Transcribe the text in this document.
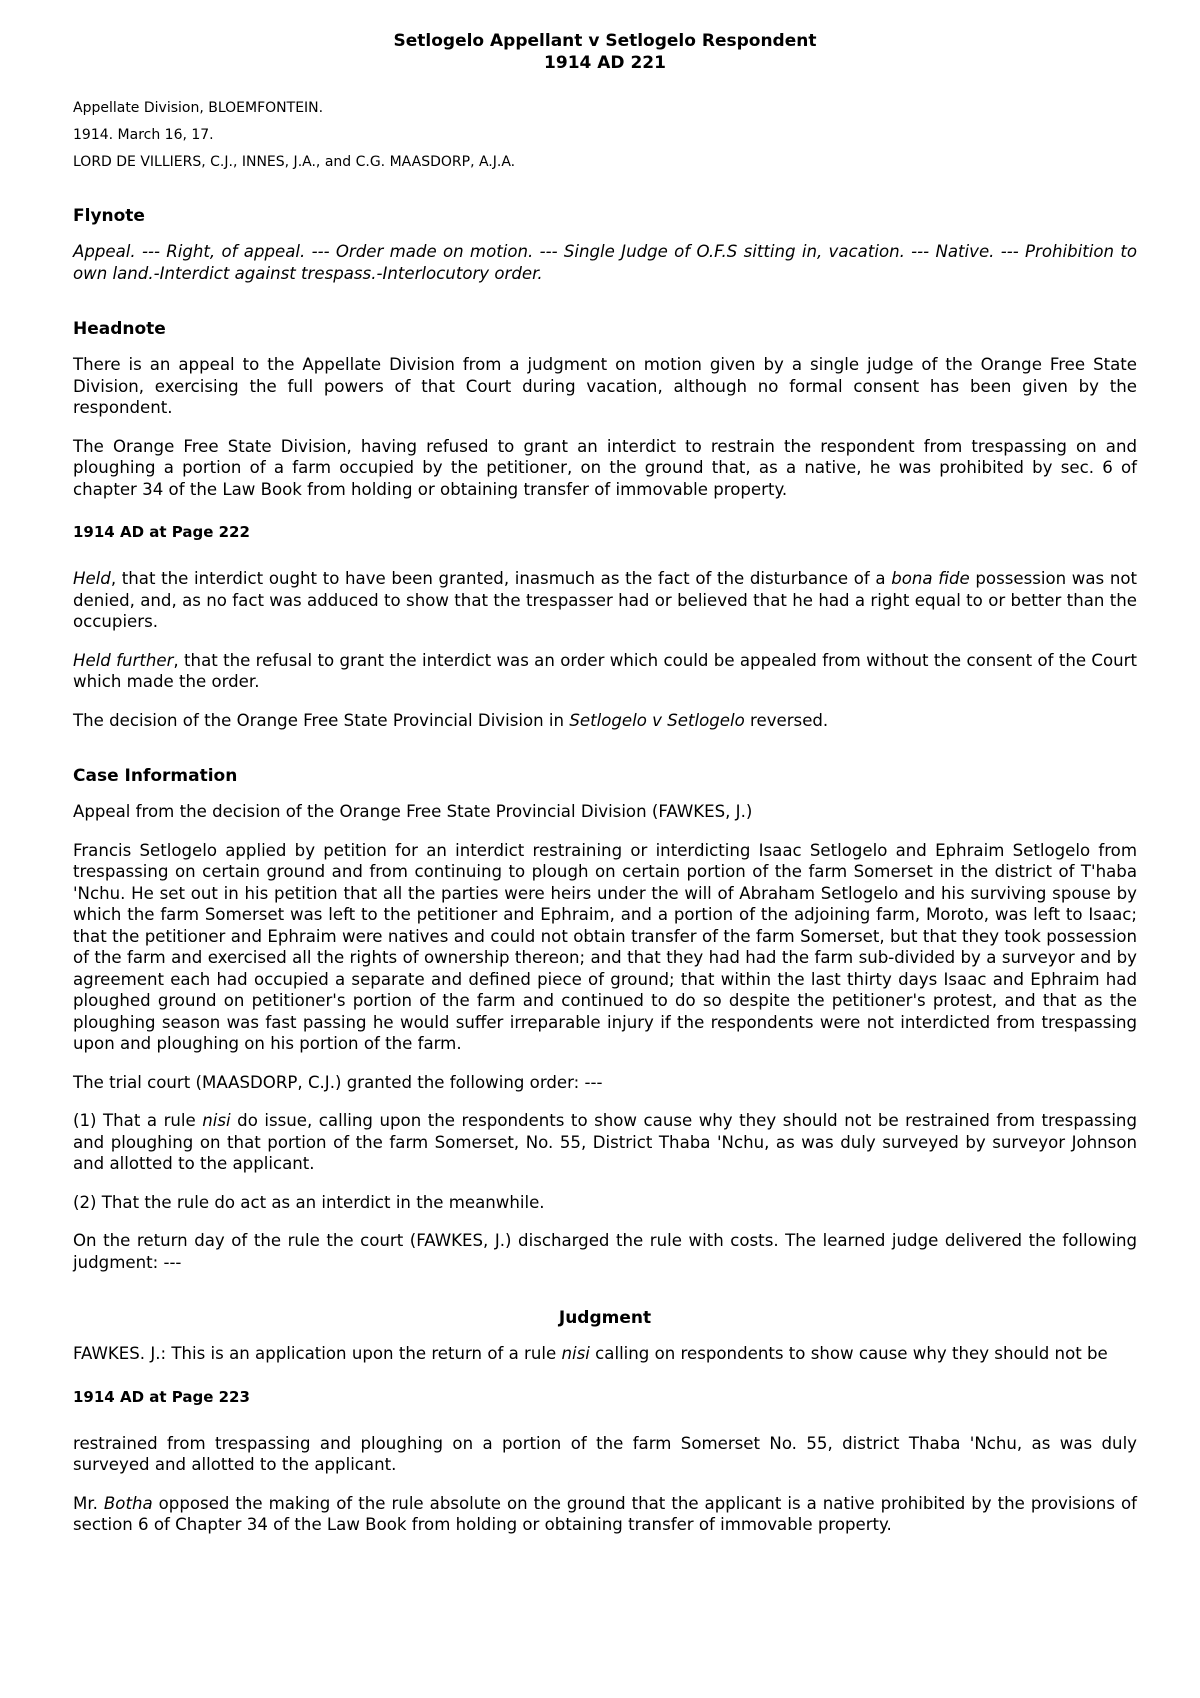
Setlogelo Appellant v Setlogelo Respondent
1914 AD 221

Appellate Division, BLOEMFONTEIN.

1914. March 16, 17.

LORD DE VILLIERS, C.J., INNES, J.A., and C.G. MAASDORP, A.J.A.

Flynote

Appeal. --- Right, of appeal. --- Order made on motion. --- Single Judge of O.F.S sitting in, vacation. --- Native. --- Prohibition to own land.-Interdict against trespass.-Interlocutory order.

Headnote

There is an appeal to the Appellate Division from a judgment on motion given by a single judge of the Orange Free State Division, exercising the full powers of that Court during vacation, although no formal consent has been given by the respondent.

The Orange Free State Division, having refused to grant an interdict to restrain the respondent from trespassing on and ploughing a portion of a farm occupied by the petitioner, on the ground that, as a native, he was prohibited by sec. 6 of chapter 34 of the Law Book from holding or obtaining transfer of immovable property.

1914 AD at Page 222

Held, that the interdict ought to have been granted, inasmuch as the fact of the disturbance of a bona fide possession was not denied, and, as no fact was adduced to show that the trespasser had or believed that he had a right equal to or better than the occupiers.

Held further, that the refusal to grant the interdict was an order which could be appealed from without the consent of the Court which made the order.

The decision of the Orange Free State Provincial Division in Setlogelo v Setlogelo reversed.

Case Information

Appeal from the decision of the Orange Free State Provincial Division (FAWKES, J.)

Francis Setlogelo applied by petition for an interdict restraining or interdicting Isaac Setlogelo and Ephraim Setlogelo from trespassing on certain ground and from continuing to plough on certain portion of the farm Somerset in the district of T'haba 'Nchu. He set out in his petition that all the parties were heirs under the will of Abraham Setlogelo and his surviving spouse by which the farm Somerset was left to the petitioner and Ephraim, and a portion of the adjoining farm, Moroto, was left to Isaac; that the petitioner and Ephraim were natives and could not obtain transfer of the farm Somerset, but that they took possession of the farm and exercised all the rights of ownership thereon; and that they had had the farm sub-divided by a surveyor and by agreement each had occupied a separate and defined piece of ground; that within the last thirty days Isaac and Ephraim had ploughed ground on petitioner's portion of the farm and continued to do so despite the petitioner's protest, and that as the ploughing season was fast passing he would suffer irreparable injury if the respondents were not interdicted from trespassing upon and ploughing on his portion of the farm.

The trial court (MAASDORP, C.J.) granted the following order: ---

(1) That a rule nisi do issue, calling upon the respondents to show cause why they should not be restrained from trespassing and ploughing on that portion of the farm Somerset, No. 55, District Thaba 'Nchu, as was duly surveyed by surveyor Johnson and allotted to the applicant.

(2) That the rule do act as an interdict in the meanwhile.

On the return day of the rule the court (FAWKES, J.) discharged the rule with costs. The learned judge delivered the following judgment: ---

Judgment

FAWKES. J.: This is an application upon the return of a rule nisi calling on respondents to show cause why they should not be

1914 AD at Page 223

restrained from trespassing and ploughing on a portion of the farm Somerset No. 55, district Thaba 'Nchu, as was duly surveyed and allotted to the applicant.

Mr. Botha opposed the making of the rule absolute on the ground that the applicant is a native prohibited by the provisions of section 6 of Chapter 34 of the Law Book from holding or obtaining transfer of immovable property.
